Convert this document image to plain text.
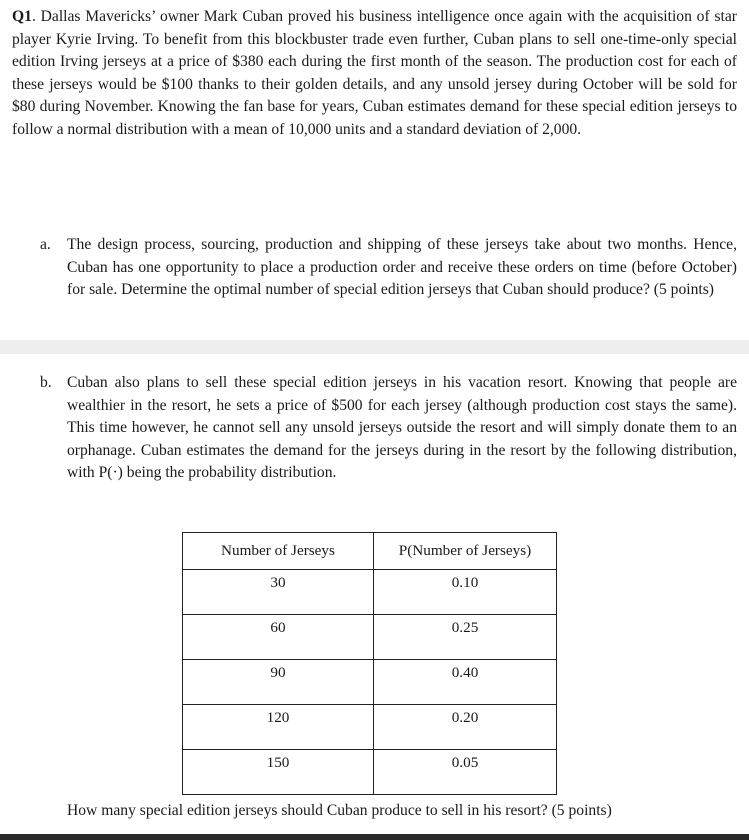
Q1. Dallas Mavericks’ owner Mark Cuban proved his business intelligence once again with the acquisition of star player Kyrie Irving. To benefit from this blockbuster trade even further, Cuban plans to sell one-time-only special edition Irving jerseys at a price of $380 each during the first month of the season. The production cost for each of these jerseys would be $100 thanks to their golden details, and any unsold jersey during October will be sold for $80 during November. Knowing the fan base for years, Cuban estimates demand for these special edition jerseys to follow a normal distribution with a mean of 10,000 units and a standard deviation of 2,000.

a. The design process, sourcing, production and shipping of these jerseys take about two months. Hence, Cuban has one opportunity to place a production order and receive these orders on time (before October) for sale. Determine the optimal number of special edition jerseys that Cuban should produce? (5 points)
b. Cuban also plans to sell these special edition jerseys in his vacation resort. Knowing that people are wealthier in the resort, he sets a price of $500 for each jersey (although production cost stays the same). This time however, he cannot sell any unsold jerseys outside the resort and will simply donate them to an orphanage. Cuban estimates the demand for the jerseys during in the resort by the following distribution, with P(·) being the probability distribution.
Number of Jerseys	P(Number of Jerseys)
30	0.10
60	0.25
90	0.40
120	0.20
150	0.05

How many special edition jerseys should Cuban produce to sell in his resort? (5 points)
